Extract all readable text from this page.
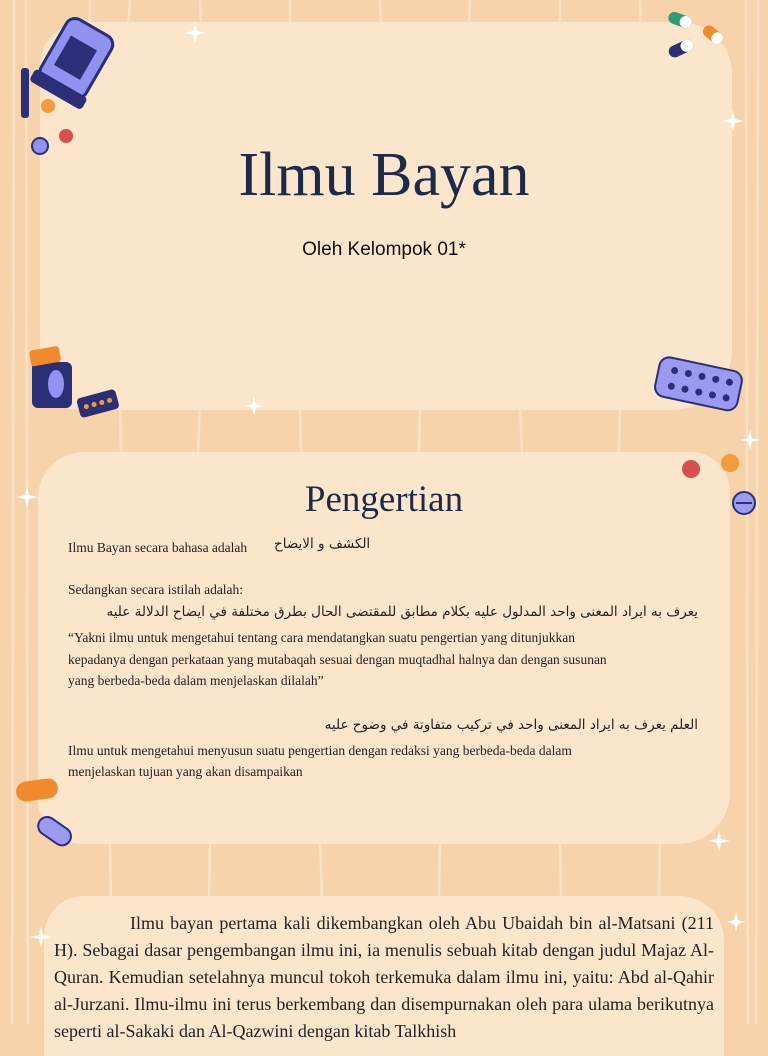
Ilmu Bayan
Oleh Kelompok 01*
Pengertian
Ilmu Bayan secara bahasa adalah الكشف و الايضاح
Sedangkan secara istilah adalah:
يعرف به ايراد المعنى واحد المدلول عليه بكلام مطابق للمقتضى الحال بطرق مختلفة في ايضاح الدلالة عليه
“Yakni ilmu untuk mengetahui tentang cara mendatangkan suatu pengertian yang ditunjukkan
kepadanya dengan perkataan yang mutabaqah sesuai dengan muqtadhal halnya dan dengan susunan
yang berbeda-beda dalam menjelaskan dilalah”
العلم يعرف به ايراد المعنى واحد في تركيب متفاوتة في وضوح عليه
Ilmu untuk mengetahui menyusun suatu pengertian dengan redaksi yang berbeda-beda dalam
menjelaskan tujuan yang akan disampaikan
Ilmu bayan pertama kali dikembangkan oleh Abu Ubaidah bin al-Matsani (211 H). Sebagai dasar pengembangan ilmu ini, ia menulis sebuah kitab dengan judul Majaz Al-Quran. Kemudian setelahnya muncul tokoh terkemuka dalam ilmu ini, yaitu: Abd al-Qahir al-Jurzani. Ilmu-ilmu ini terus berkembang dan disempurnakan oleh para ulama berikutnya seperti al-Sakaki dan Al-Qazwini dengan kitab Talkhish
